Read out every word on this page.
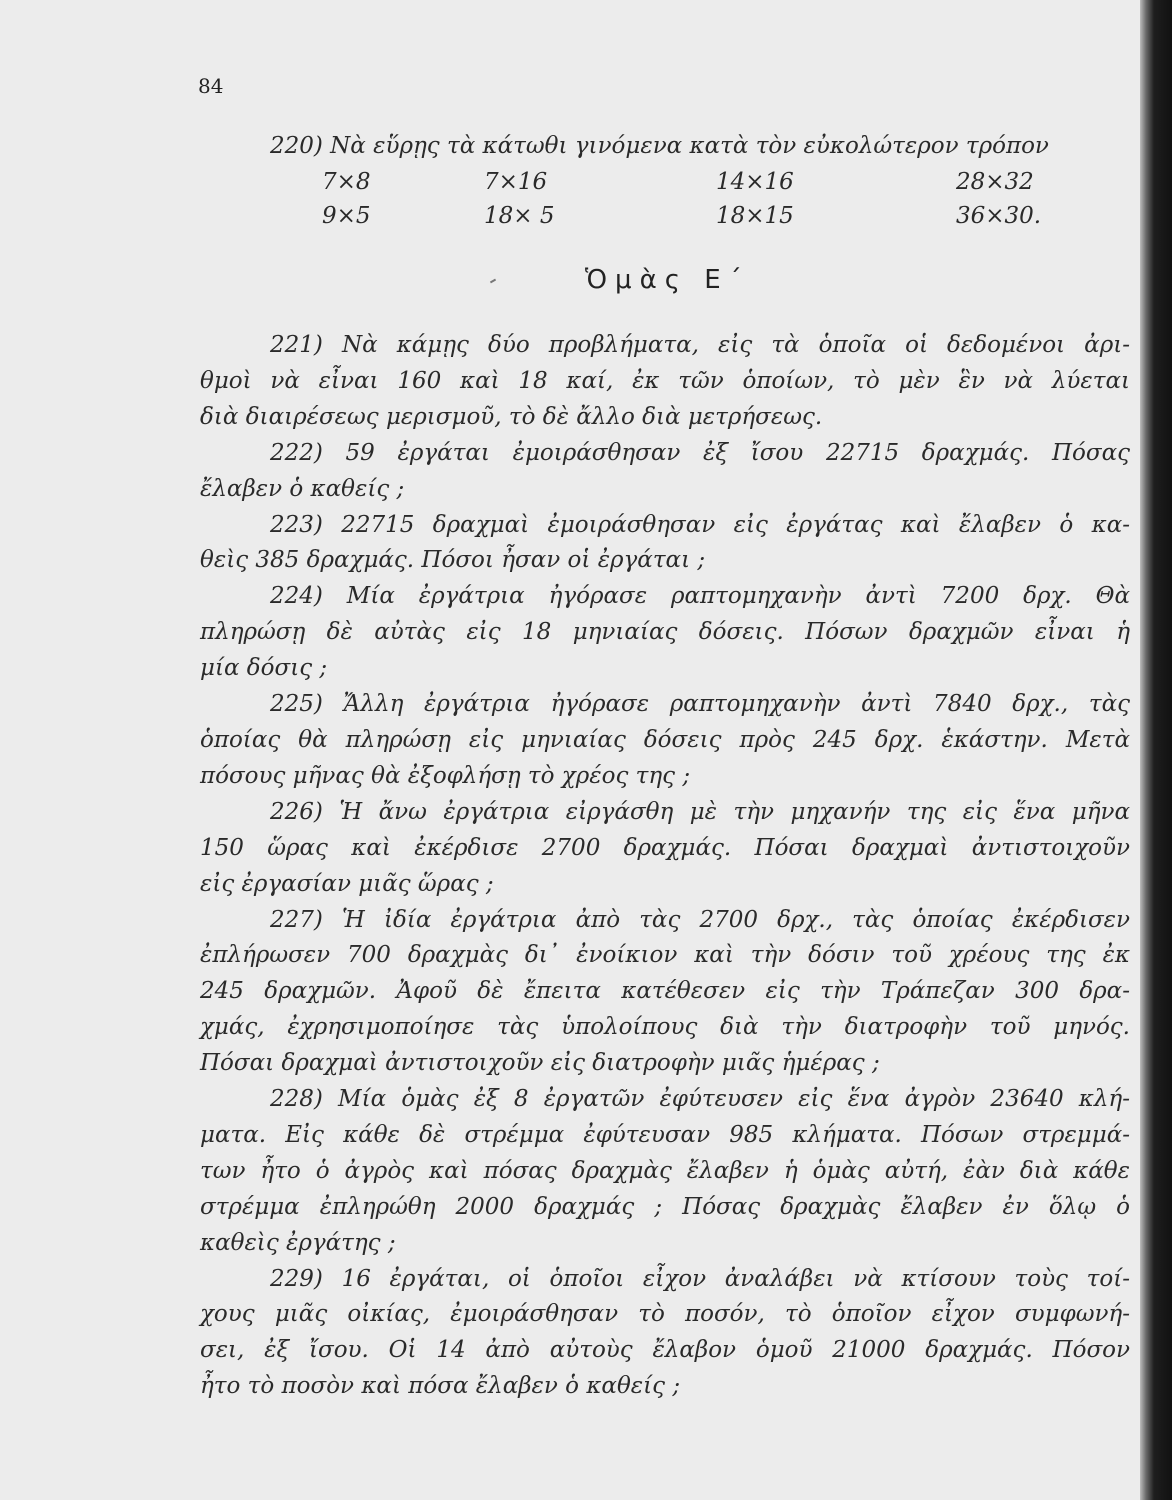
84
220) Νὰ εὕρῃς τὰ κάτωθι γινόμενα κατὰ τὸν εὐκολώτερον τρόπον
7×8	7×16	14×16	28×32
9×5	18× 5	18×15	36×30.
Ὁμὰς Ε΄
221) Νὰ κάμῃς δύο προβλήματα, εἰς τὰ ὁποῖα οἱ δεδομένοι ἀρι-
θμοὶ νὰ εἶναι 160 καὶ 18 καί, ἐκ τῶν ὁποίων, τὸ μὲν ἓν νὰ λύεται
διὰ διαιρέσεως μερισμοῦ, τὸ δὲ ἄλλο διὰ μετρήσεως.
222) 59 ἐργάται ἐμοιράσθησαν ἐξ ἴσου 22715 δραχμάς. Πόσας
ἔλαβεν ὁ καθείς ;
223) 22715 δραχμαὶ ἐμοιράσθησαν εἰς ἐργάτας καὶ ἔλαβεν ὁ κα-
θεὶς 385 δραχμάς. Πόσοι ἦσαν οἱ ἐργάται ;
224) Μία ἐργάτρια ἠγόρασε ραπτομηχανὴν ἀντὶ 7200 δρχ. Θὰ
πληρώσῃ δὲ αὐτὰς εἰς 18 μηνιαίας δόσεις. Πόσων δραχμῶν εἶναι ἡ
μία δόσις ;
225) Ἄλλη ἐργάτρια ἠγόρασε ραπτομηχανὴν ἀντὶ 7840 δρχ., τὰς
ὁποίας θὰ πληρώσῃ εἰς μηνιαίας δόσεις πρὸς 245 δρχ. ἑκάστην. Μετὰ
πόσους μῆνας θὰ ἐξοφλήσῃ τὸ χρέος της ;
226) Ἡ ἄνω ἐργάτρια εἰργάσθη μὲ τὴν μηχανήν της εἰς ἕνα μῆνα
150 ὥρας καὶ ἐκέρδισε 2700 δραχμάς. Πόσαι δραχμαὶ ἀντιστοιχοῦν
εἰς ἐργασίαν μιᾶς ὥρας ;
227) Ἡ ἰδία ἐργάτρια ἀπὸ τὰς 2700 δρχ., τὰς ὁποίας ἐκέρδισεν
ἐπλήρωσεν 700 δραχμὰς δι᾿ ἐνοίκιον καὶ τὴν δόσιν τοῦ χρέους της ἐκ
245 δραχμῶν. Ἀφοῦ δὲ ἔπειτα κατέθεσεν εἰς τὴν Τράπεζαν 300 δρα-
χμάς, ἐχρησιμοποίησε τὰς ὑπολοίπους διὰ τὴν διατροφὴν τοῦ μηνός.
Πόσαι δραχμαὶ ἀντιστοιχοῦν εἰς διατροφὴν μιᾶς ἡμέρας ;
228) Μία ὁμὰς ἐξ 8 ἐργατῶν ἐφύτευσεν εἰς ἕνα ἀγρὸν 23640 κλή-
ματα. Εἰς κάθε δὲ στρέμμα ἐφύτευσαν 985 κλήματα. Πόσων στρεμμά-
των ἦτο ὁ ἀγρὸς καὶ πόσας δραχμὰς ἔλαβεν ἡ ὁμὰς αὐτή, ἐὰν διὰ κάθε
στρέμμα ἐπληρώθη 2000 δραχμάς ; Πόσας δραχμὰς ἔλαβεν ἐν ὅλῳ ὁ
καθεὶς ἐργάτης ;
229) 16 ἐργάται, οἱ ὁποῖοι εἶχον ἀναλάβει νὰ κτίσουν τοὺς τοί-
χους μιᾶς οἰκίας, ἐμοιράσθησαν τὸ ποσόν, τὸ ὁποῖον εἶχον συμφωνή-
σει, ἐξ ἴσου. Οἱ 14 ἀπὸ αὐτοὺς ἔλαβον ὁμοῦ 21000 δραχμάς. Πόσον
ἦτο τὸ ποσὸν καὶ πόσα ἔλαβεν ὁ καθείς ;
